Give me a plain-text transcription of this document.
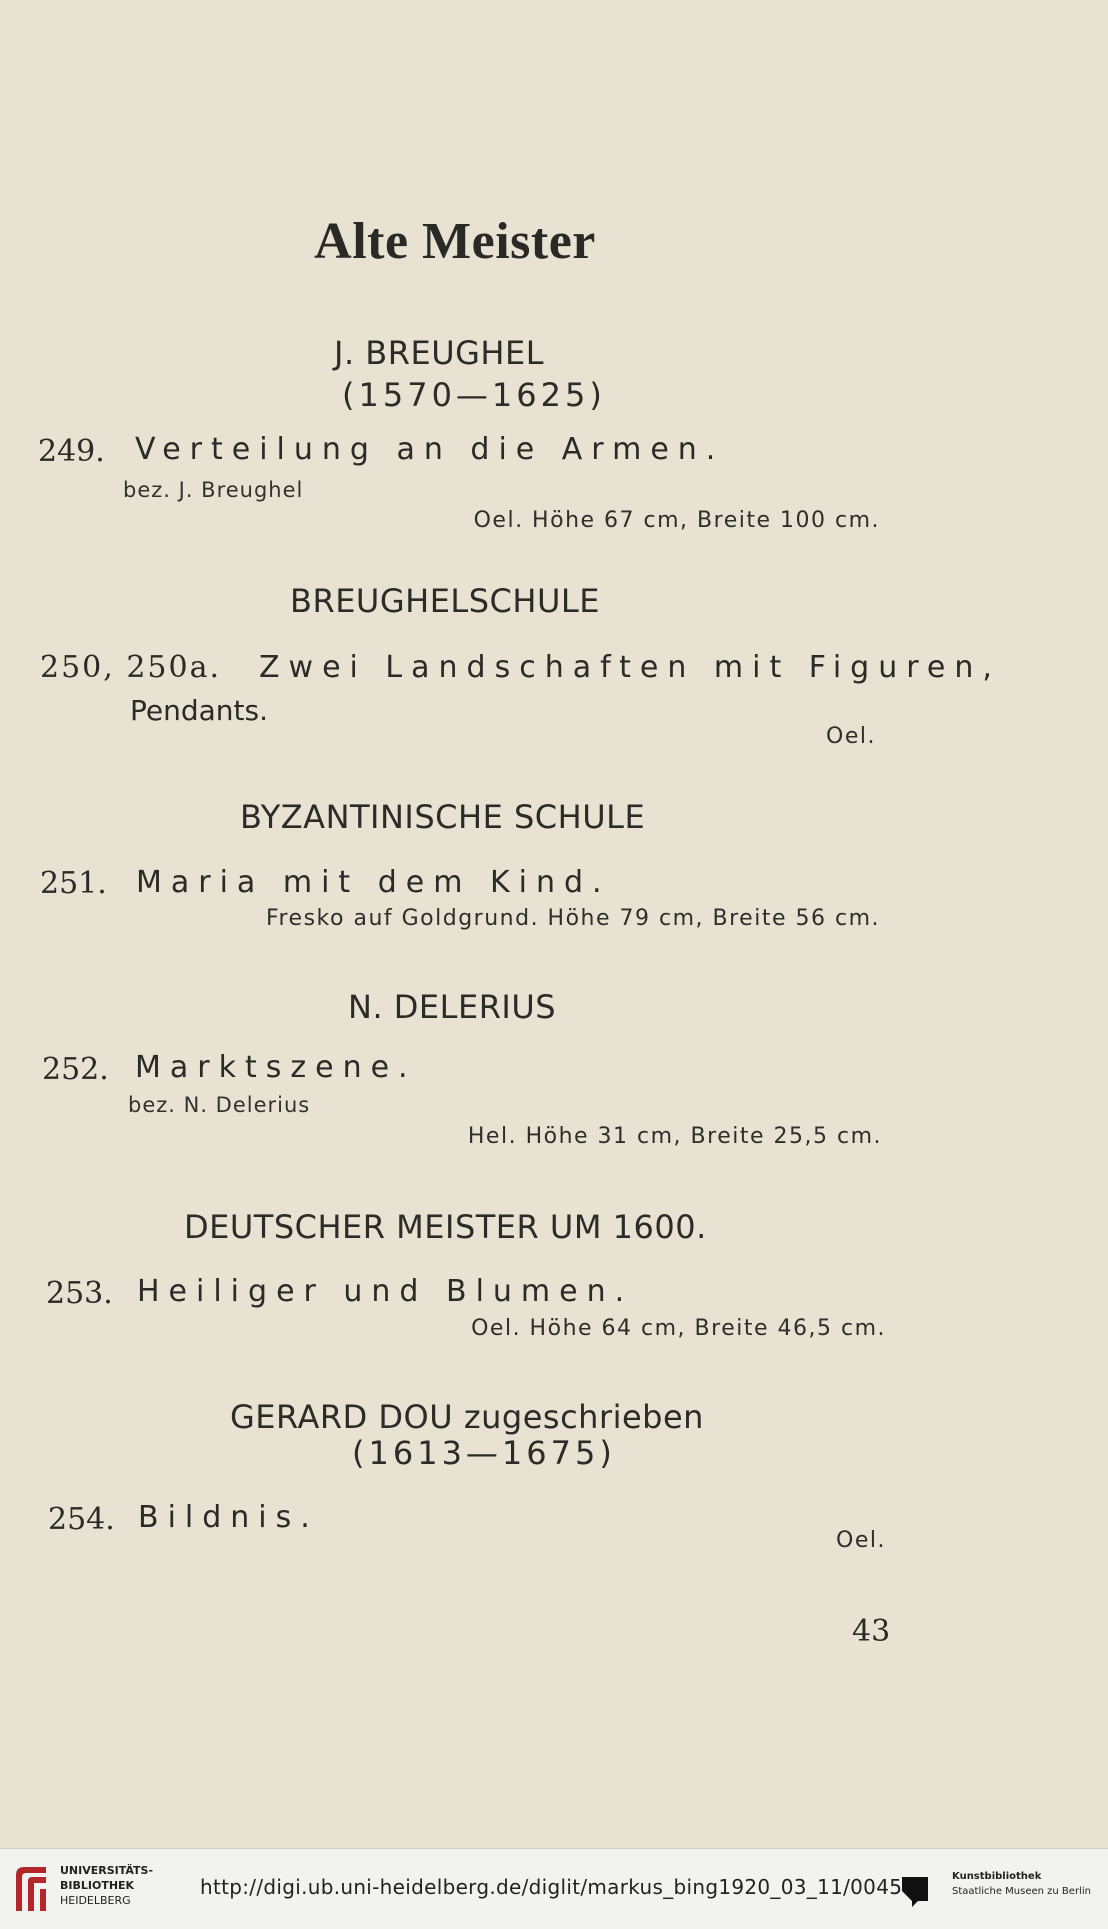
Alte Meister
J. BREUGHEL
(1570—1625)
249. Verteilung an die Armen.
bez. J. Breughel
Oel. Höhe 67 cm, Breite 100 cm.
BREUGHELSCHULE
250, 250a. Zwei Landschaften mit Figuren,
Pendants.
Oel.
BYZANTINISCHE SCHULE
251. Maria mit dem Kind.
Fresko auf Goldgrund. Höhe 79 cm, Breite 56 cm.
N. DELERIUS
252. Marktszene.
bez. N. Delerius
Hel. Höhe 31 cm, Breite 25,5 cm.
DEUTSCHER MEISTER UM 1600.
253. Heiliger und Blumen.
Oel. Höhe 64 cm, Breite 46,5 cm.
GERARD DOU zugeschrieben
(1613—1675)
254. Bildnis.
Oel.
43
UNIVERSITÄTS-
BIBLIOTHEK
HEIDELBERG
http://digi.ub.uni-heidelberg.de/diglit/markus_bing1920_03_11/0045	Kunstbibliothek
Staatliche Museen zu Berlin
